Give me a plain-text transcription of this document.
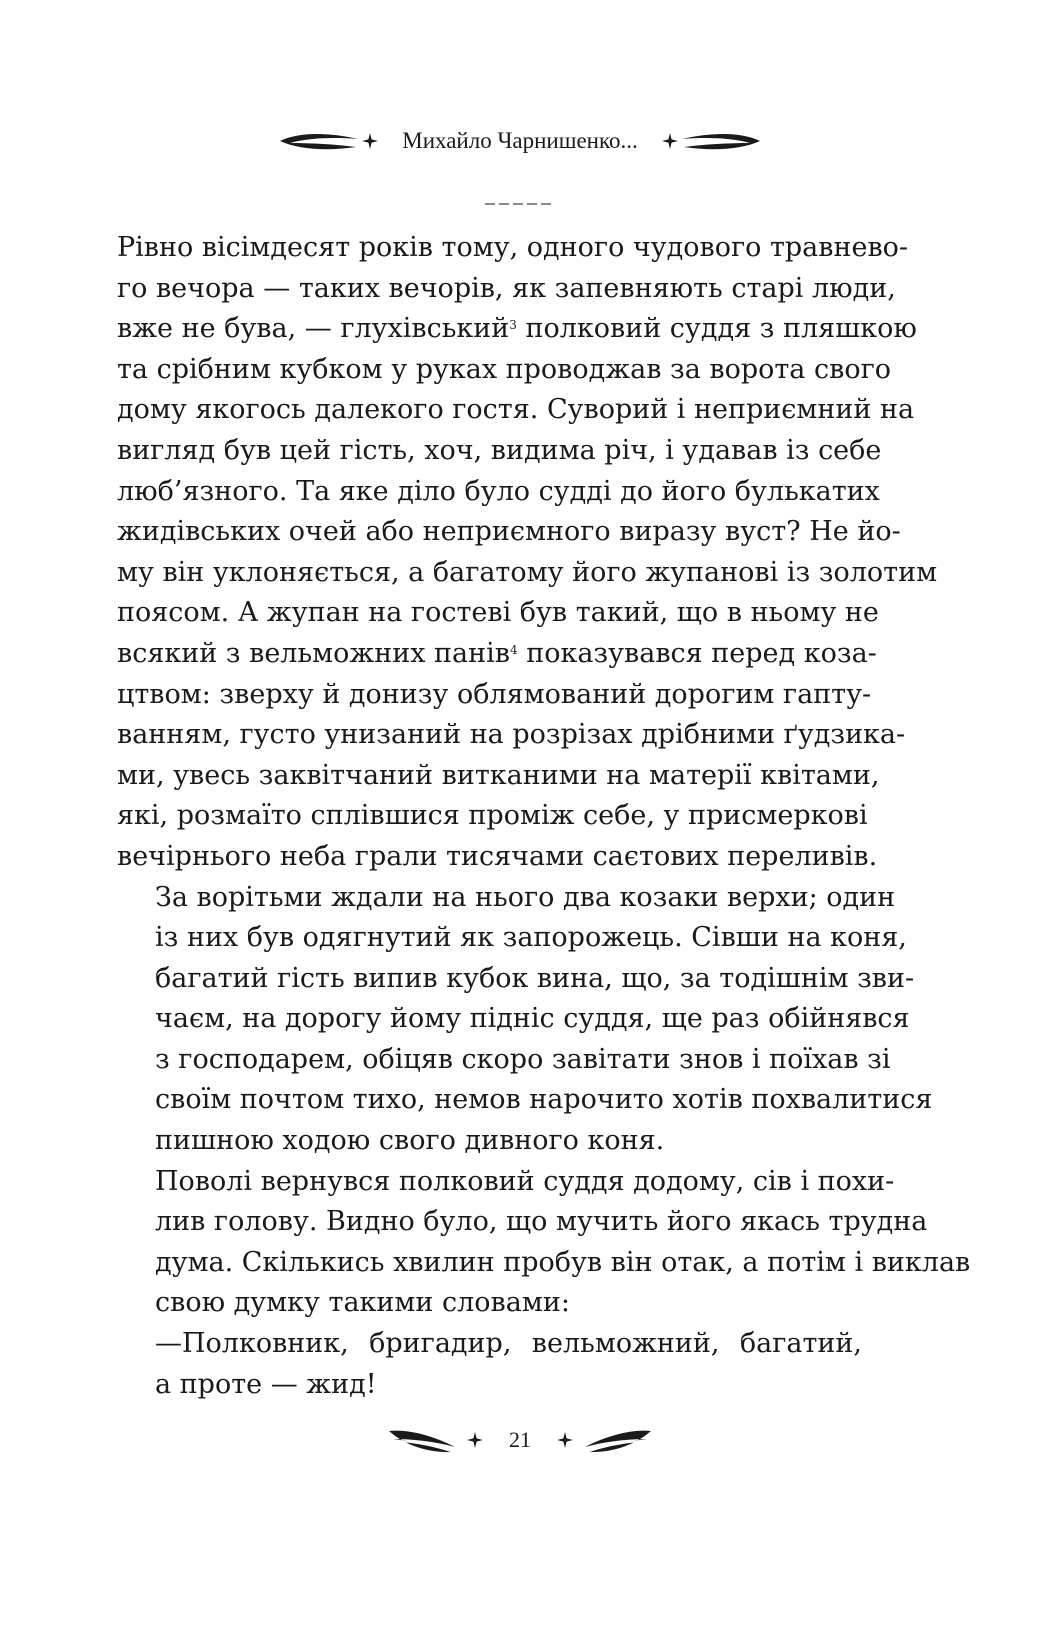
Михайло Чарнишенко...
_____

Рівно вісімдесят років тому, одного чудового травнево-
го вечора — таких вечорів, як запевняють старі люди,
вже не бува, — глухівський$^3$ полковий суддя з пляшкою
та срібним кубком у руках проводжав за ворота свого
дому якогось далекого гостя. Суворий і неприємний на
вигляд був цей гість, хоч, видима річ, і удавав із себе
люб’язного. Та яке діло було судді до його булькатих
жидівських очей або неприємного виразу вуст? Не йо-
му він уклоняється, а багатому його жупанові із золотим
поясом. А жупан на гостеві був такий, що в ньому не
всякий з вельможних панів$^4$ показувався перед коза-
цтвом: зверху й донизу облямований дорогим гапту-
ванням, густо унизаний на розрізах дрібними ґудзика-
ми, увесь заквітчаний витканими на матерії квітами,
які, розмаїто сплівшися проміж себе, у присмеркові
вечірнього неба грали тисячами саєтових переливів.

За ворітьми ждали на нього два козаки верхи; один
із них був одягнутий як запорожець. Сівши на коня,
багатий гість випив кубок вина, що, за тодішнім зви-
чаєм, на дорогу йому підніс суддя, ще раз обійнявся
з господарем, обіцяв скоро завітати знов і поїхав зі
своїм почтом тихо, немов нарочито хотів похвалитися
пишною ходою свого дивного коня.

Поволі вернувся полковий суддя додому, сів і похи-
лив голову. Видно було, що мучить його якась трудна
дума. Скількись хвилин пробув він отак, а потім і виклав
свою думку такими словами:

—Полковник, бригадир, вельможний, багатий,
а проте — жид!

21
